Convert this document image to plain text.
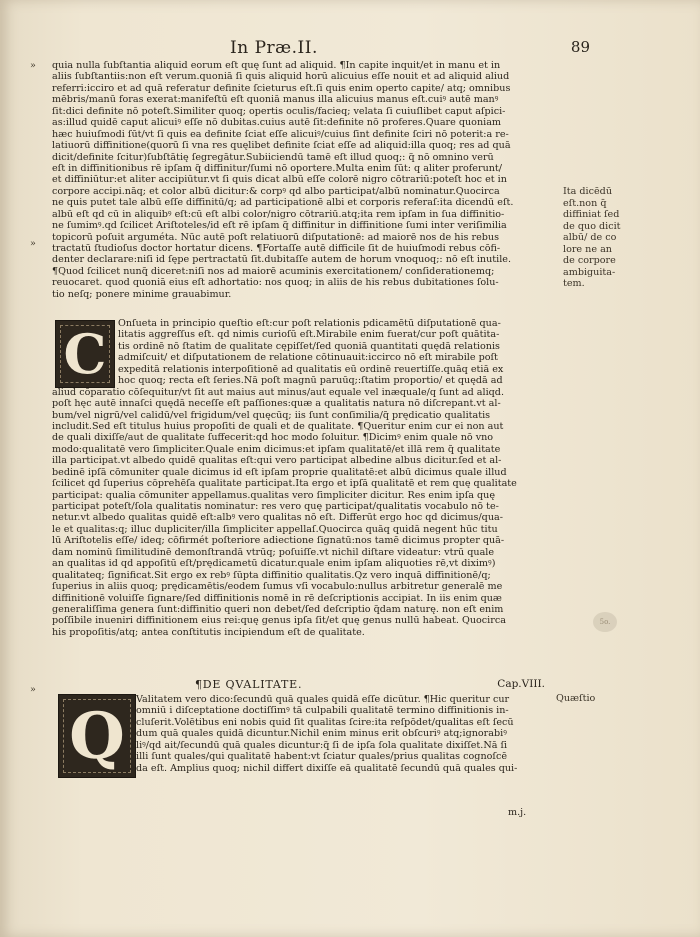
In Præ.II.	89
»
»
»
quia nulla ſubſtantia aliquid eorum eſt quę ſunt ad aliquid. ¶In capite inquit/et in manu et in
aliis ſubſtantiis:non eſt verum.quoniā ſi quis aliquid horū alicuius eſſe nouit et ad aliquid aliud
referri:icciro et ad quā referatur definite ſcieturus eſt.ſi quis enim operto capite/ atq; omnibus
mēbris/manū foras exerat:manifeſtū eſt quoniā manus illa alicuius manus eſt.cuiꝰ autē manꝰ
ſit:dici definite nō poteſt.Similiter quoq; opertis oculis/facieq; velata ſi cuiuſlibet caput aſpici-
as:illud quidē caput alicuiꝰ eſſe nō dubitas.cuius autē ſit:definite nō proferes.Quare quoniam
hæc huiuſmodi ſūt/vt ſi quis ea definite ſciat eſſe alicuiꝰ/cuius ſint definite ſciri nō poterit:a re-
latiuorū diffinitione(quorū ſi vna res quęlibet definite ſciat eſſe ad aliquid:illa quoq; res ad quā
dicit/definite ſcitur)ſubſtātię ſegregātur.Subiiciendū tamē eſt illud quoq;: q̃ nō omnino verū
eſt in diffinitionibus rē ipſam q̃ diffinitur/ſumi nō oportere.Multa enim ſūt: q aliter proferunt/
et diffiniūtur:et aliter accipiūtur.vt ſi quis dicat albū eſſe colorē nigro cōtrariū:poteſt hoc et in
corpore accipi.nāq; et color albū dicitur:& corpꝰ qd albo participat/albū nominatur.Quocirca
ne quis putet tale albū eſſe diffinitū/q; ad participationē albi et corporis referaſ:ita dicendū eſt.
albū eſt qd cū in aliquibꝰ eſt:cū eſt albi color/nigro cōtrariū.atq;ita rem ipſam in ſua diffinitio-
ne ſumimꝰ.qd ſcilicet Ariſtoteles/id eſt rē ipſam q̃ diffinitur in diffinitione ſumi inter veriſimilia
topicorū poſuit arguméta. Nūc autē poſt relatiuorū diſputationē: ad maiorē nos de his rebus
tractatū ſtudioſus doctor hortatur dicens. ¶Fortaſſe autē difficile ſit de huiuſmodi rebus cōfi-
denter declarare:niſi id ſępe pertractatū ſit.dubitaſſe autem de horum vnoquoq;: nō eſt inutile.
¶Quod ſcilicet nunq̃ diceret:niſi nos ad maiorē acuminis exercitationem/ conſiderationemq;
reuocaret. quod quoniā eius eſt adhortatio: nos quoq; in aliis de his rebus dubitationes ſolu-
tio neſq; ponere minime grauabimur.
Ita dicēdū
eſt.non q̄
diffiniat ſed
de quo dicit
albū/ de co
lore ne an
de corpore
ambiguita-
tem.
C	Onſueta in principio queſtio eſt:cur poſt relationis pdicamētū diſputationē qua-
litatis aggreſſus eſt. qd nimis curioſū eſt.Mirabile enim fuerat/cur poſt quātita-
tis ordinē nō ſtatim de qualitate cępiſſet/ſed quoniā quantitati quędā relationis
admiſcuit/ et diſputationem de relatione cōtinuauit:iccirco nō eſt mirabile poſt
expeditā relationis interpoſitionē ad qualitatis eū ordinē reuertiſſe.quāq etiā ex
hoc quoq; recta eſt ſeries.Nā poſt magnū paruūq;:ſtatim proportio/ et quędā ad
aliud cōparatio cōſequitur/vt ſit aut maius aut minus/aut equale vel inæquale/q ſunt ad aliqd.
poſt hęc autē innaſci quędā neceſſe eſt paſſiones:quæ a qualitatis natura nō diſcrepant.vt al-
bum/vel nigrū/vel calidū/vel frigidum/vel quęcūq; iis ſunt conſimilia/q̃ prędicatio qualitatis
includit.Sed eſt titulus huius propoſiti de quali et de qualitate. ¶Queritur enim cur ei non aut
de quali dixiſſe/aut de qualitate ſuffecerit:qd hoc modo ſoluitur. ¶Dicimꝰ enim quale nō vno
modo:qualitatē vero ſimpliciter.Quale enim dicimus:et ipſam qualitatē/et illā rem q̃ qualitate
illa participat.vt albedo quidē qualitas eſt:qui vero participat albedine albus dicitur.ſed et al-
bedinē ipſā cōmuniter quale dicimus id eſt ipſam proprie qualitatē:et albū dicimus quale illud
ſcilicet qd ſuperius cōprehēſa qualitate participat.Ita ergo et ipſā qualitatē et rem quę qualitate
participat: qualia cōmuniter appellamus.qualitas vero ſimpliciter dicitur. Res enim ipſa quę
participat poteſt/ſola qualitatis nominatur: res vero quę participat/qualitatis vocabulo nō te-
netur.vt albedo qualitas quidē eſt:albꝰ vero qualitas nō eſt. Differūt ergo hoc qd dicimus/qua-
le et qualitas:q; illuc dupliciter/illa ſimpliciter appellaſ.Quocirca quāq quidā negent hūc titu
lū Ariſtotelis eſſe/ ideq; cōfirmét poſteriore adiectione ſignatū:nos tamē dicimus propter quā-
dam nominū ſimilitudinē demonſtrandā vtrūq; poſuiſſe.vt nichil diſtare videatur: vtrū quale
an qualitas id qd appoſitū eſt/prędicametū dicatur.quale enim ipſam aliquoties rē,vt diximꝰ)
qualitateq; ſignificat.Sit ergo ex rebꝰ ſūpta diffinitio qualitatis.Qz vero inquā diffinitionē/q;
ſuperius in aliis quoq; prędicamētis/eodem ſumus vſi vocabulo:nullus arbitretur generalē me
diffinitionē voluiſſe ſignare/ſed diffinitionis nomē in rē deſcriptionis accipiat. In iis enim quæ
generaliſſima genera ſunt:diffinitio queri non debet/ſed deſcriptio q̃dam naturę. non eſt enim
poſſibile inueniri diffinitionem eius rei:quę genus ipſa ſit/et quę genus nullū habeat. Quocirca
his propoſitis/atq; antea conſtitutis incipiendum eſt de qualitate.
¶DE QVALITATE.	Cap.VIII.
Q	Valitatem vero dico:ſecundū quā quales quidā eſſe dicūtur. ¶Hic queritur cur
omniū i diſceptatione doctiſſimꝰ tā culpabili qualitatē termino diffinitionis in-
cluſerit.Volētibus eni nobis quid ſit qualitas ſcire:ita reſpōdet/qualitas eſt ſecū
dum quā quales quidā dicuntur.Nichil enim minus erit obſcuriꝰ atq;ignorabiꝰ
liꝰ/qd ait/ſecundū quā quales dicuntur:q̃ ſi de ipſa ſola qualitate dixiſſet.Nā ſi
illi ſunt quales/qui qualitatē habent:vt ſciatur quales/prius qualitas cognoſcē
da eſt. Amplius quoq; nichil differt dixiſſe eā qualitatē ſecundū quā quales qui-
Quæſtio
5o.
m.j.
